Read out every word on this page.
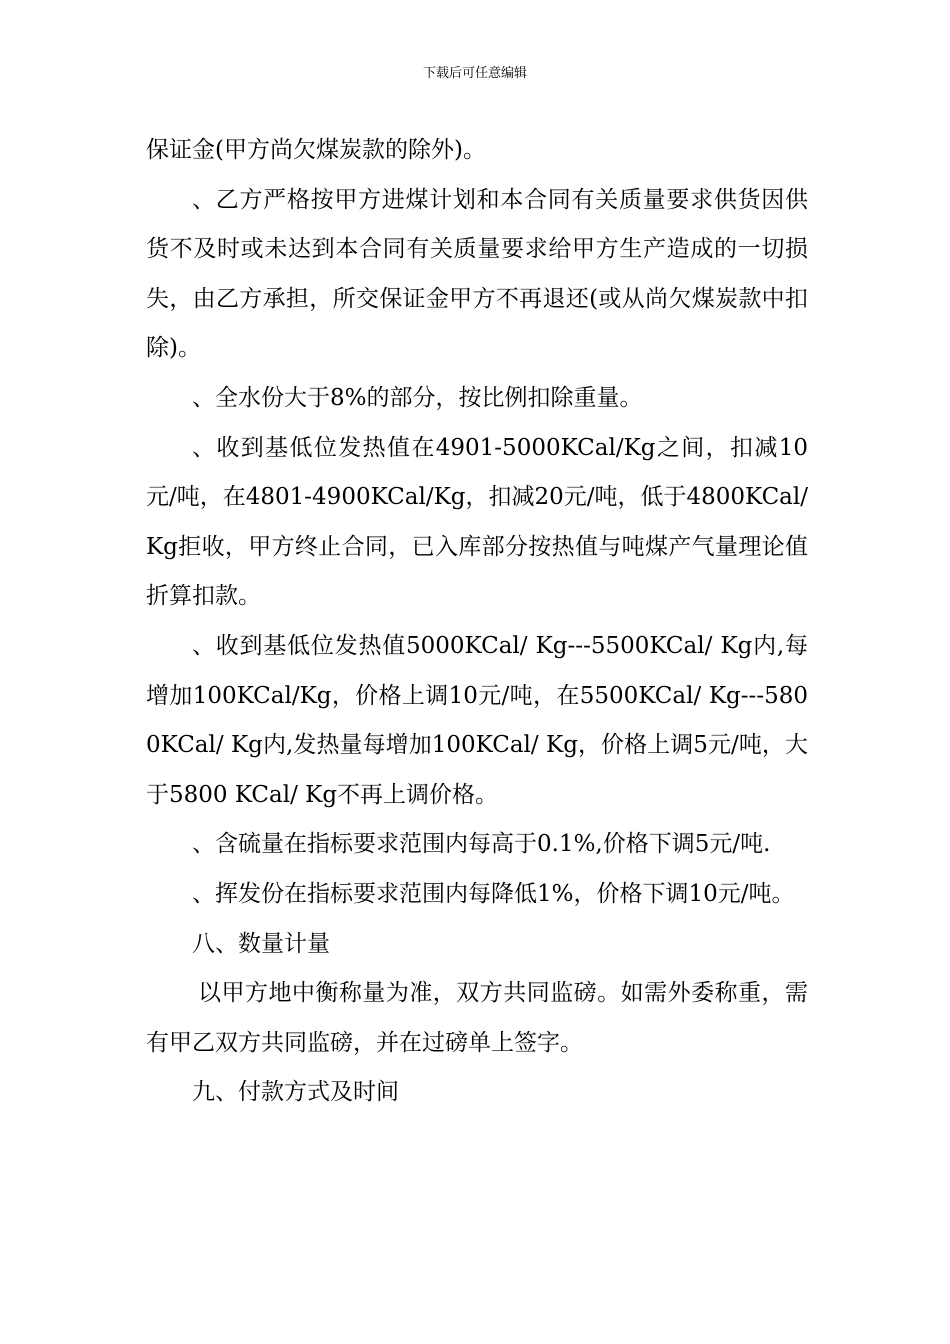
下载后可任意编辑

保证金(甲方尚欠煤炭款的除外)。

、乙方严格按甲方进煤计划和本合同有关质量要求供货因供货不及时或未达到本合同有关质量要求给甲方生产造成的一切损失，由乙方承担，所交保证金甲方不再退还(或从尚欠煤炭款中扣除)。

、全水份大于8%的部分，按比例扣除重量。

、收到基低位发热值在4901-5000KCal/Kg之间，扣减10元/吨，在4801-4900KCal/Kg，扣减20元/吨，低于4800KCal/Kg拒收，甲方终止合同，已入库部分按热值与吨煤产气量理论值折算扣款。

、收到基低位发热值5000KCal/ Kg---5500KCal/ Kg内,每增加100KCal/Kg，价格上调10元/吨，在5500KCal/ Kg---5800KCal/ Kg内,发热量每增加100KCal/ Kg，价格上调5元/吨，大于5800 KCal/ Kg不再上调价格。

、含硫量在指标要求范围内每高于0.1%,价格下调5元/吨.

、挥发份在指标要求范围内每降低1%，价格下调10元/吨。

八、数量计量

以甲方地中衡称量为准，双方共同监磅。如需外委称重，需有甲乙双方共同监磅，并在过磅单上签字。

九、付款方式及时间
